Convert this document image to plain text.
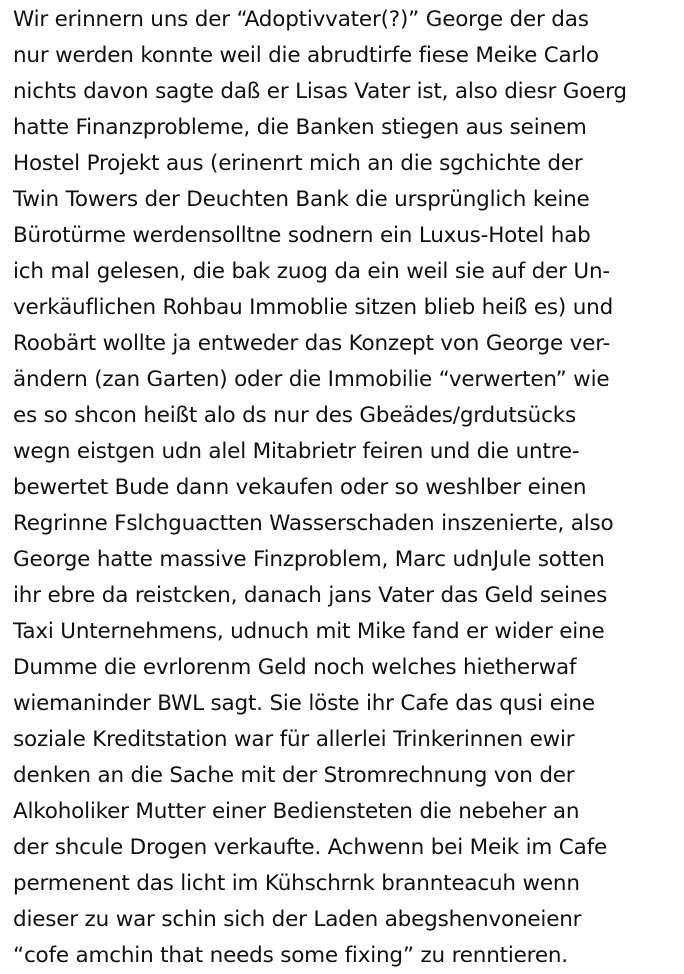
Wir erinnern uns der “Adoptivvater(?)” George der das
nur werden konnte weil die abrudtirfe fiese Meike Carlo
nichts davon sagte daß er Lisas Vater ist, also diesr Goerg
hatte Finanzprobleme, die Banken stiegen aus seinem
Hostel Projekt aus (erinenrt mich an die sgchichte der
Twin Towers der Deuchten Bank die ursprünglich keine
Bürotürme werdensolltne sodnern ein Luxus-Hotel hab
ich mal gelesen, die bak zuog da ein weil sie auf der Un-
verkäuflichen Rohbau Immoblie sitzen blieb heiß es) und
Roobärt wollte ja entweder das Konzept von George ver-
ändern (zan Garten) oder die Immobilie “verwerten” wie
es so shcon heißt alo ds nur des Gbeädes/grdutsücks
wegn eistgen udn alel Mitabrietr feiren und die untre-
bewertet Bude dann vekaufen oder so weshlber einen
Regrinne Fslchguactten Wasserschaden inszenierte, also
George hatte massive Finzproblem, Marc udnJule sotten
ihr ebre da reistcken, danach jans Vater das Geld seines
Taxi Unternehmens, udnuch mit Mike fand er wider eine
Dumme die evrlorenm Geld noch welches hietherwaf
wiemaninder BWL sagt. Sie löste ihr Cafe das qusi eine
soziale Kreditstation war für allerlei Trinkerinnen ewir
denken an die Sache mit der Stromrechnung von der
Alkoholiker Mutter einer Bediensteten die nebeher an
der shcule Drogen verkaufte. Achwenn bei Meik im Cafe
permenent das licht im Kühschrnk brannteacuh wenn
dieser zu war schin sich der Laden abegshenvoneienr
“cofe amchin that needs some fixing” zu renntieren.
